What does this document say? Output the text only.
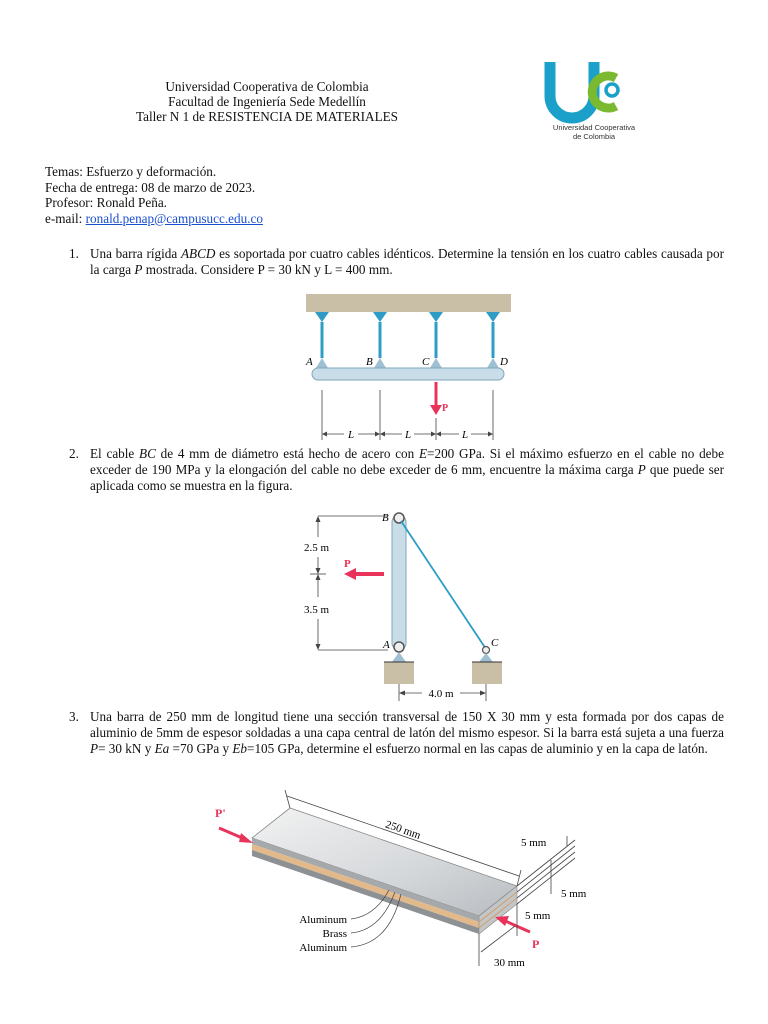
Universidad Cooperativa de Colombia
Facultad de Ingeniería Sede Medellín
Taller N 1 de RESISTENCIA DE MATERIALES
Universidad Cooperativa
de Colombia
Temas: Esfuerzo y deformación.
Fecha de entrega: 08 de marzo de 2023.
Profesor: Ronald Peña.
e-mail: ronald.penap@campusucc.edu.co
1. Una barra rígida ABCD es soportada por cuatro cables idénticos. Determine la tensión en los cuatro cables causada por la carga P mostrada. Considere P = 30 kN y L = 400 mm.
A	B	C	D
P
L	L	L
2. El cable BC de 4 mm de diámetro está hecho de acero con E=200 GPa. Si el máximo esfuerzo en el cable no debe exceder de 190 MPa y la elongación del cable no debe exceder de 6 mm, encuentre la máxima carga P que puede ser aplicada como se muestra en la figura.
B
A	C
P
2.5 m
3.5 m
4.0 m
3. Una barra de 250 mm de longitud tiene una sección transversal de 150 X 30 mm y esta formada por dos capas de aluminio de 5mm de espesor soldadas a una capa central de latón del mismo espesor. Si la barra está sujeta a una fuerza P= 30 kN y Ea =70 GPa y Eb=105 GPa, determine el esfuerzo normal en las capas de aluminio y en la capa de latón.
P'
P
250 mm
5 mm
5 mm
5 mm
30 mm
Aluminum
Brass
Aluminum
